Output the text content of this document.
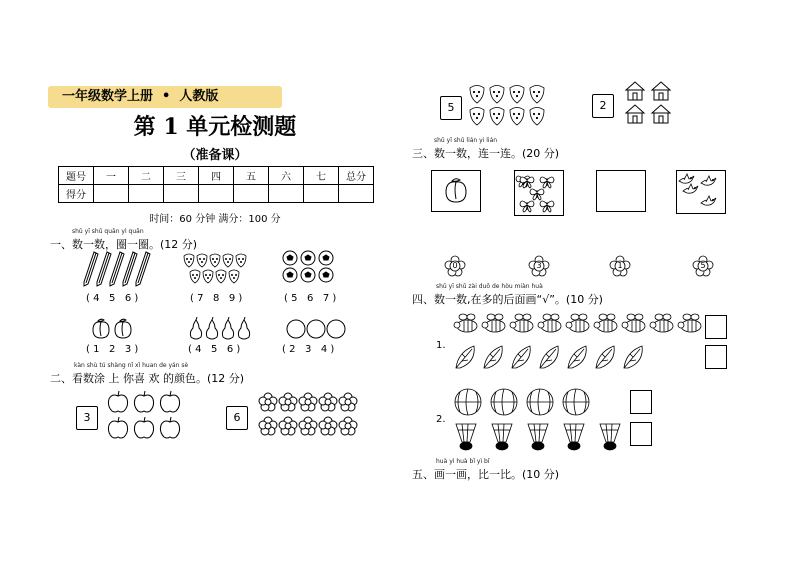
一年级数学上册  •  人教版
第 1 单元检测题
（准备课）
题号	一	二	三	四	五	六	七	总分
得分								
时间：60 分钟 满分：100 分
shǔ yī shǔ quān yì quān
一、数一数，圈一圈。(12 分)
( 4   5   6 )	( 7   8   9 )	( 5   6   7 )
( 1   2   3 )	( 4   5   6 )	( 2   3   4 )
kàn shù tú shàng nǐ xǐ huan de yán sè
二、看数涂 上 你喜 欢 的颜色。(12 分)
3	6
5	2
shǔ yī shǔ lián yi lián
三、数一数，连一连。(20 分)
0	3	1	5
shǔ yī shǔ zài duō de hòu miàn huà
四、数一数,在多的后面画“√”。(10 分)
1.
2.
huà yì huà bǐ yì bǐ
五、画一画，比一比。(10 分)
